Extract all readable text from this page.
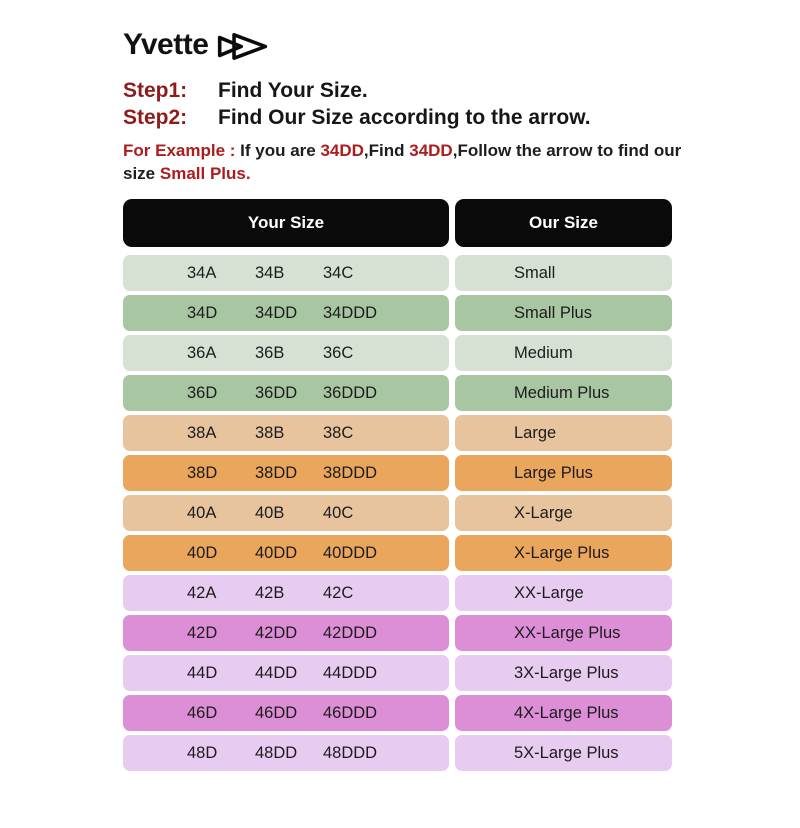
Yvette
Step1: Find Your Size.
Step2: Find Our Size according to the arrow.

For Example : If you are 34DD,Find 34DD,Follow the arrow to find our size Small Plus.

Your Size	Our Size
34A	34B	34C	Small
34D	34DD	34DDD	Small Plus
36A	36B	36C	Medium
36D	36DD	36DDD	Medium Plus
38A	38B	38C	Large
38D	38DD	38DDD	Large Plus
40A	40B	40C	X-Large
40D	40DD	40DDD	X-Large Plus
42A	42B	42C	XX-Large
42D	42DD	42DDD	XX-Large Plus
44D	44DD	44DDD	3X-Large Plus
46D	46DD	46DDD	4X-Large Plus
48D	48DD	48DDD	5X-Large Plus
